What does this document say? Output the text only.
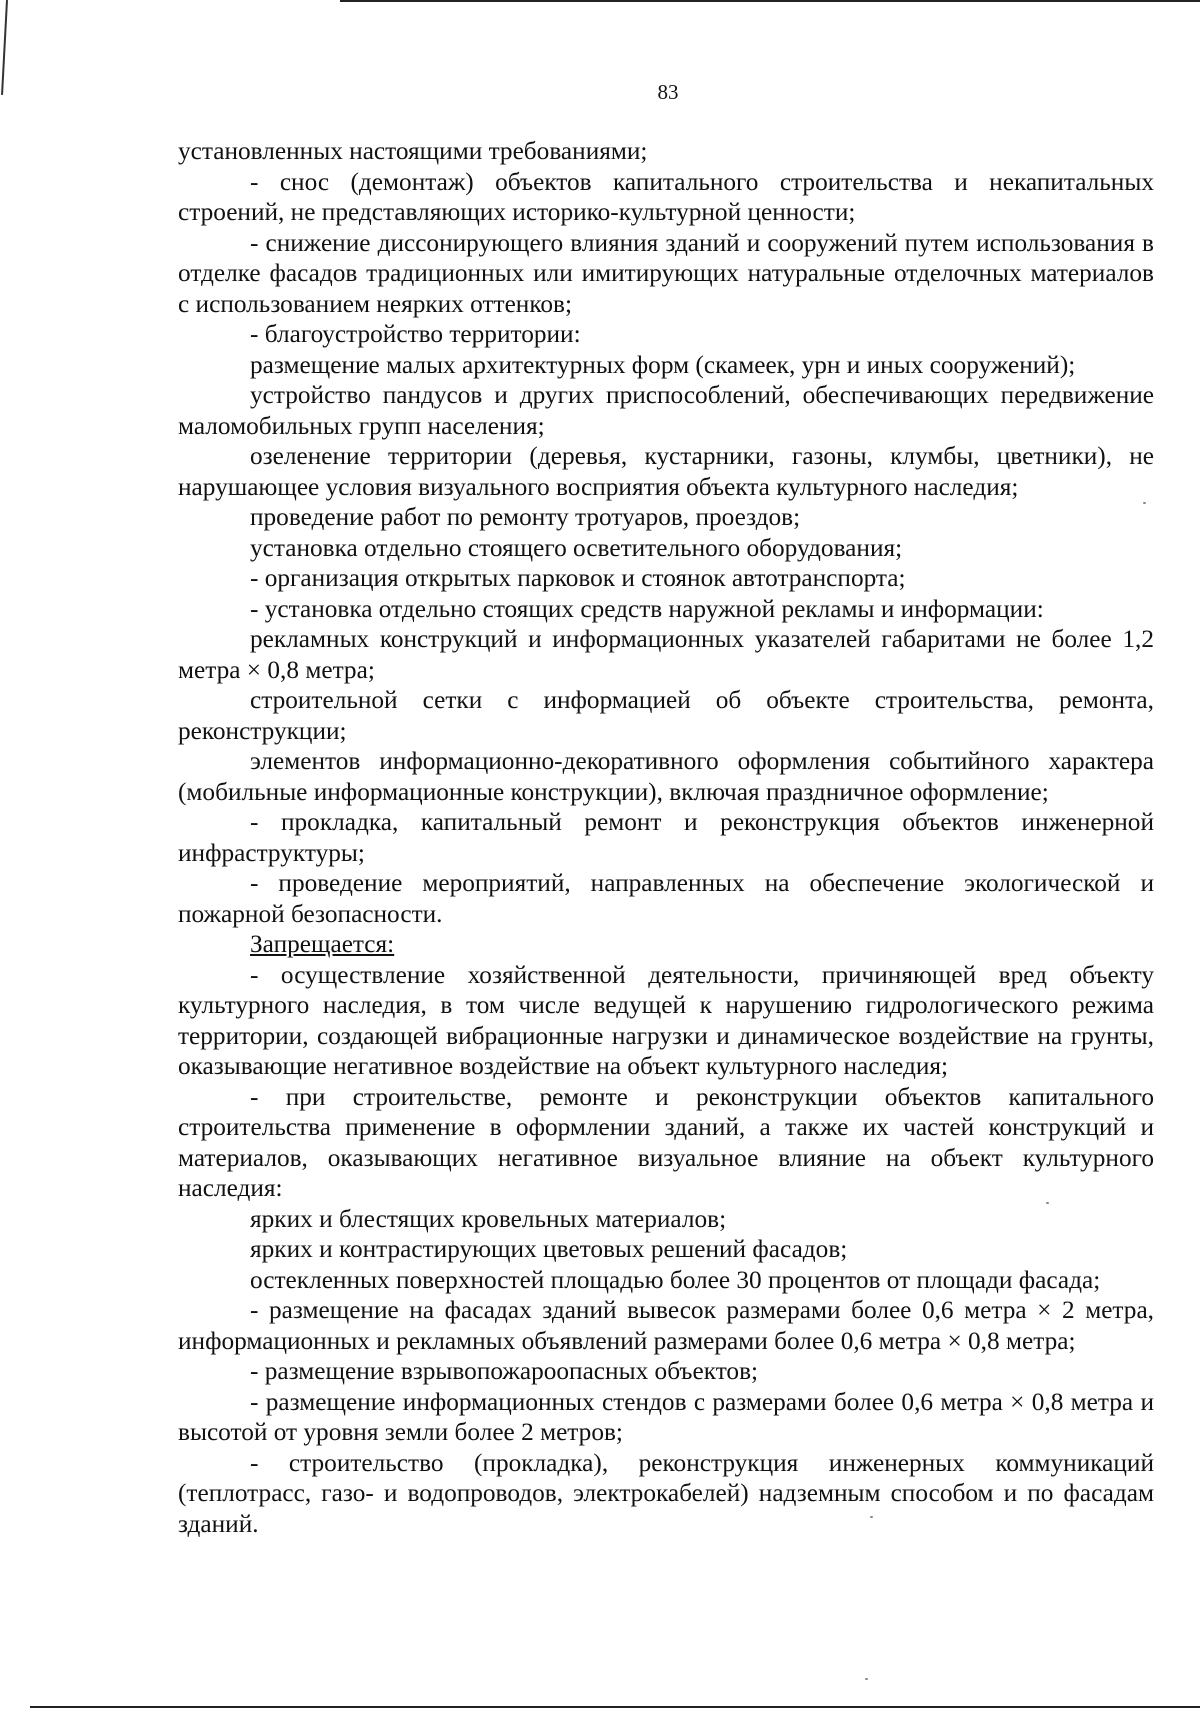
83

установленных настоящими требованиями;

- снос (демонтаж) объектов капитального строительства и некапитальных строений, не представляющих историко-культурной ценности;

- снижение диссонирующего влияния зданий и сооружений путем использования в отделке фасадов традиционных или имитирующих натуральные отделочных материалов с использованием неярких оттенков;

- благоустройство территории:

размещение малых архитектурных форм (скамеек, урн и иных сооружений);

устройство пандусов и других приспособлений, обеспечивающих передвижение маломобильных групп населения;

озеленение территории (деревья, кустарники, газоны, клумбы, цветники), не нарушающее условия визуального восприятия объекта культурного наследия;

проведение работ по ремонту тротуаров, проездов;

установка отдельно стоящего осветительного оборудования;

- организация открытых парковок и стоянок автотранспорта;

- установка отдельно стоящих средств наружной рекламы и информации:

рекламных конструкций и информационных указателей габаритами не более 1,2 метра × 0,8 метра;

строительной сетки с информацией об объекте строительства, ремонта, реконструкции;

элементов информационно-декоративного оформления событийного характера (мобильные информационные конструкции), включая праздничное оформление;

- прокладка, капитальный ремонт и реконструкция объектов инженерной инфраструктуры;

- проведение мероприятий, направленных на обеспечение экологической и пожарной безопасности.

Запрещается:

- осуществление хозяйственной деятельности, причиняющей вред объекту культурного наследия, в том числе ведущей к нарушению гидрологического режима территории, создающей вибрационные нагрузки и динамическое воздействие на грунты, оказывающие негативное воздействие на объект культурного наследия;

- при строительстве, ремонте и реконструкции объектов капитального строительства применение в оформлении зданий, а также их частей конструкций и материалов, оказывающих негативное визуальное влияние на объект культурного наследия:

ярких и блестящих кровельных материалов;

ярких и контрастирующих цветовых решений фасадов;

остекленных поверхностей площадью более 30 процентов от площади фасада;

- размещение на фасадах зданий вывесок размерами более 0,6 метра × 2 метра, информационных и рекламных объявлений размерами более 0,6 метра × 0,8 метра;

- размещение взрывопожароопасных объектов;

- размещение информационных стендов с размерами более 0,6 метра × 0,8 метра и высотой от уровня земли более 2 метров;

- строительство (прокладка), реконструкция инженерных коммуникаций (теплотрасс, газо- и водопроводов, электрокабелей) надземным способом и по фасадам зданий.
